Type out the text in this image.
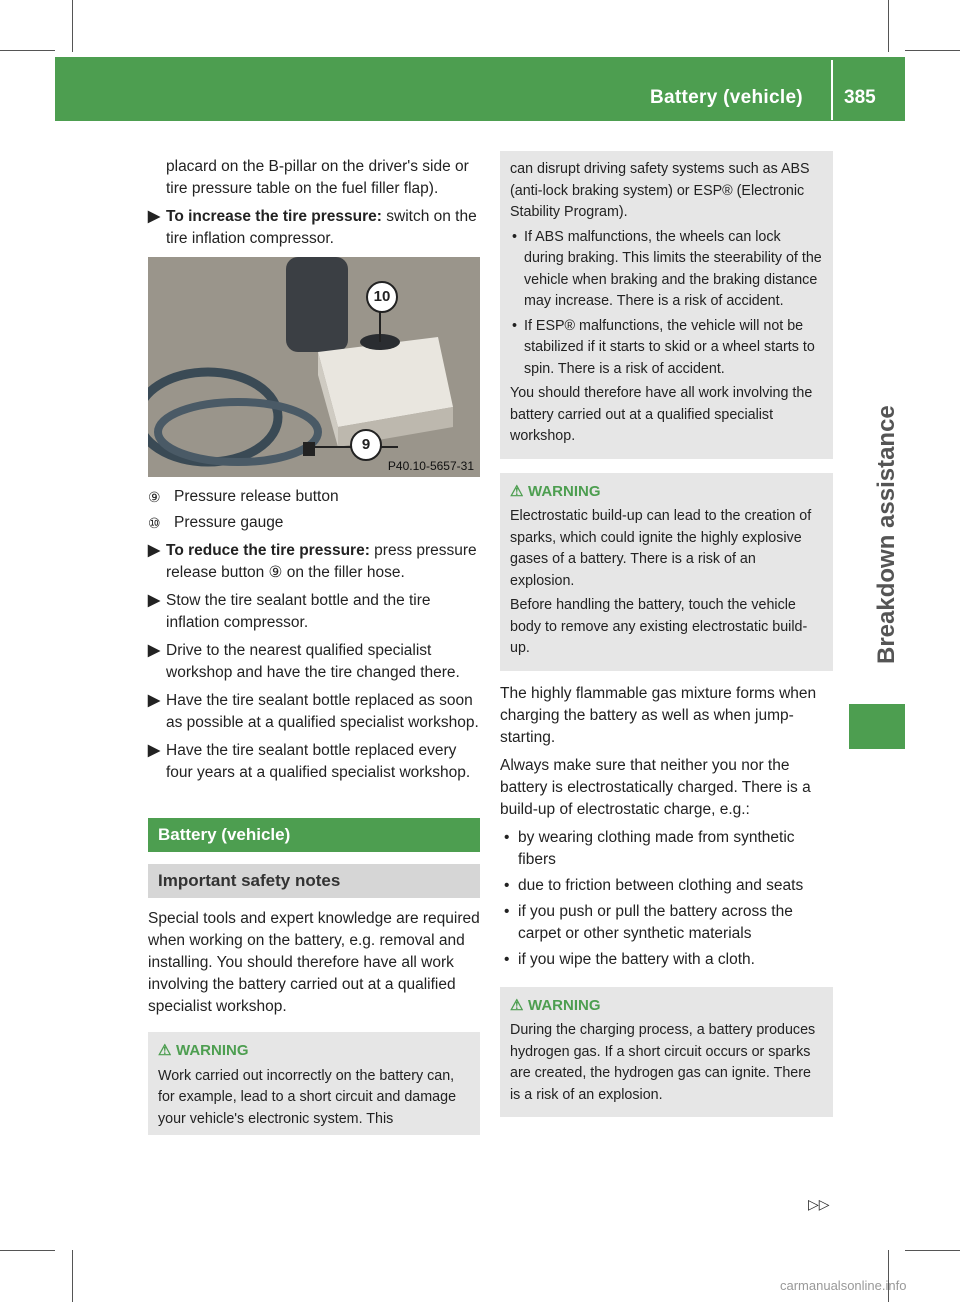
Battery (vehicle) 385
Breakdown assistance

placard on the B-pillar on the driver's side or tire pressure table on the fuel filler flap).

▶ To increase the tire pressure: switch on the tire inflation compressor.
10
9
P40.10-5657-31
⑨ Pressure release button
⑩ Pressure gauge
▶ To reduce the tire pressure: press pressure release button ⑨ on the filler hose.
▶ Stow the tire sealant bottle and the tire inflation compressor.
▶ Drive to the nearest qualified specialist workshop and have the tire changed there.
▶ Have the tire sealant bottle replaced as soon as possible at a qualified specialist workshop.
▶ Have the tire sealant bottle replaced every four years at a qualified specialist workshop.
Battery (vehicle)
Important safety notes

Special tools and expert knowledge are required when working on the battery, e.g. removal and installing. You should therefore have all work involving the battery carried out at a qualified specialist workshop.

⚠ WARNING

Work carried out incorrectly on the battery can, for example, lead to a short circuit and damage your vehicle's electronic system. This

can disrupt driving safety systems such as ABS (anti-lock braking system) or ESP® (Electronic Stability Program).

• If ABS malfunctions, the wheels can lock during braking. This limits the steerability of the vehicle when braking and the braking distance may increase. There is a risk of accident.
• If ESP® malfunctions, the vehicle will not be stabilized if it starts to skid or a wheel starts to spin. There is a risk of accident.

You should therefore have all work involving the battery carried out at a qualified specialist workshop.

⚠ WARNING

Electrostatic build-up can lead to the creation of sparks, which could ignite the highly explosive gases of a battery. There is a risk of an explosion.

Before handling the battery, touch the vehicle body to remove any existing electrostatic build-up.

The highly flammable gas mixture forms when charging the battery as well as when jump-starting.

Always make sure that neither you nor the battery is electrostatically charged. There is a build-up of electrostatic charge, e.g.:

• by wearing clothing made from synthetic fibers
• due to friction between clothing and seats
• if you push or pull the battery across the carpet or other synthetic materials
• if you wipe the battery with a cloth.
⚠ WARNING

During the charging process, a battery produces hydrogen gas. If a short circuit occurs or sparks are created, the hydrogen gas can ignite. There is a risk of an explosion.

▷▷
carmanualsonline.info
